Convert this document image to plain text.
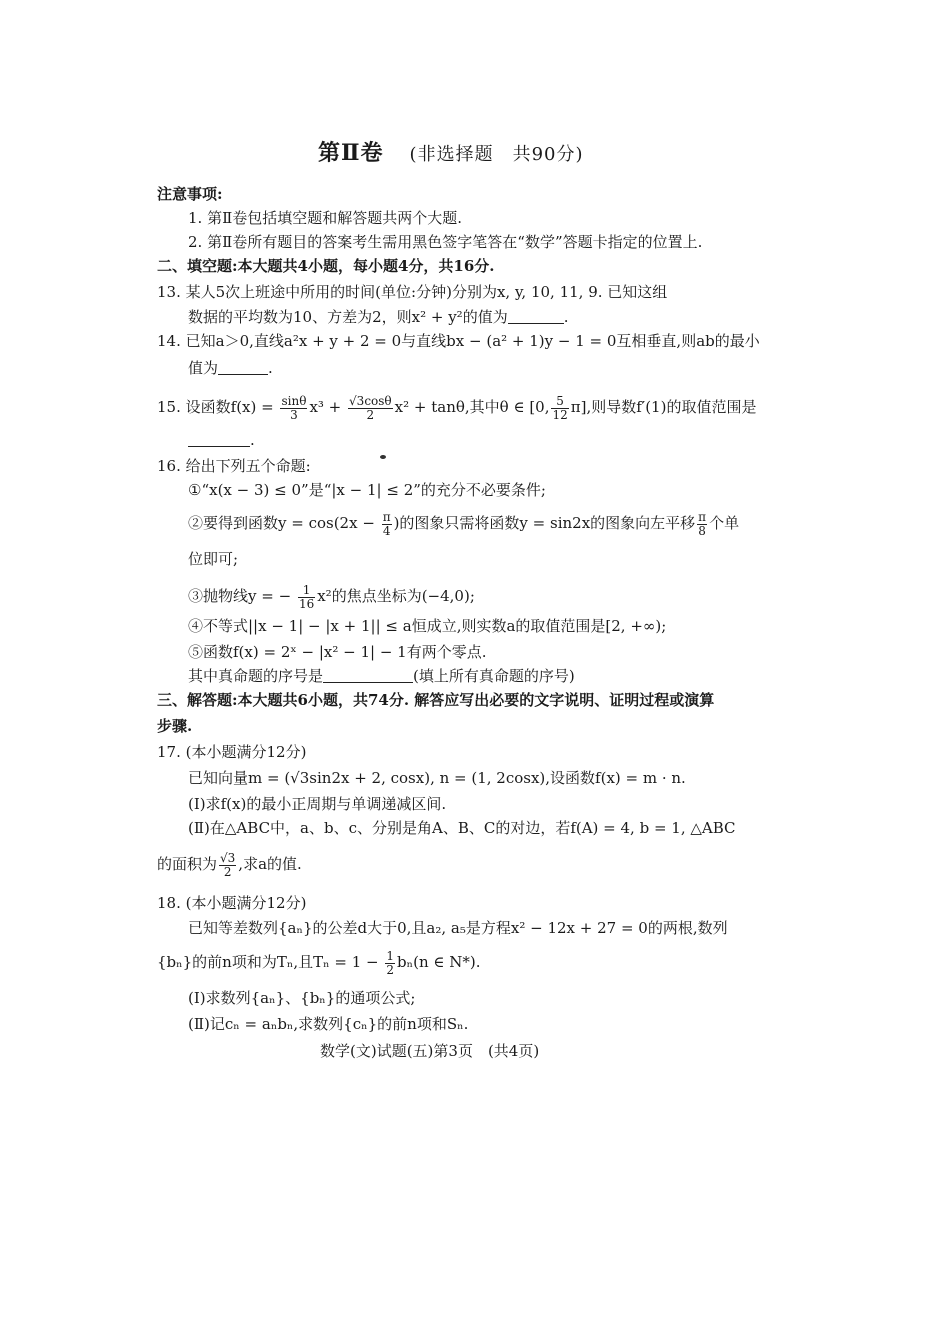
第Ⅱ卷 (非选择题　共90分)
注意事项:
1. 第Ⅱ卷包括填空题和解答题共两个大题.
2. 第Ⅱ卷所有题目的答案考生需用黑色签字笔答在“数学”答题卡指定的位置上.
二、填空题:本大题共4小题，每小题4分，共16分.
13. 某人5次上班途中所用的时间(单位:分钟)分别为x, y, 10, 11, 9. 已知这组
数据的平均数为10、方差为2，则x² + y²的值为	.
14. 已知a＞0,直线a²x + y + 2 = 0与直线bx − (a² + 1)y − 1 = 0互相垂直,则ab的最小
值为	.
15. 设函数$f(x) = \frac{\sin\theta}{3} x^3 + \frac{√3\cos\theta}{2} x^2 + \tan\theta$,其中θ ∈ [0, $\frac{5}{12} \pi$],则导数f′(1)的取值范围是
.
16. 给出下列五个命题:
①“x(x − 3) ≤ 0”是“|x − 1| ≤ 2”的充分不必要条件;
②要得到函数$y = \cos(2x - \frac{\pi}{4}$ )的图象只需将函数y = sin2x的图象向左平移 $\frac{\pi}{8}$ 个单
位即可;
③抛物线y = − $\frac{1}{16} x^2$的焦点坐标为(−4,0);
④不等式||x − 1| − |x + 1|| ≤ a恒成立,则实数a的取值范围是[2, +∞);
⑤函数f(x) = 2ˣ − |x² − 1| − 1有两个零点.
其中真命题的序号是	(填上所有真命题的序号)
三、解答题:本大题共6小题，共74分. 解答应写出必要的文字说明、证明过程或演算
步骤.
17. (本小题满分12分)
已知向量m = (√3sin2x + 2, cosx), n = (1, 2cosx),设函数f(x) = m · n.
(Ⅰ)求f(x)的最小正周期与单调递减区间.
(Ⅱ)在△ABC中，a、b、c、分别是角A、B、C的对边，若f(A) = 4, b = 1, △ABC
的面积为 $\frac{√3}{2}$ ,求a的值.
18. (本小题满分12分)
已知等差数列{aₙ}的公差d大于0,且a₂, a₅是方程x² − 12x + 27 = 0的两根,数列
{bₙ}的前n项和为Tₙ,且$T_n = 1 - \frac{1}{2} b_n(n$ ∈ N*).
(Ⅰ)求数列{aₙ}、{bₙ}的通项公式;
(Ⅱ)记cₙ = aₙbₙ,求数列{cₙ}的前n项和Sₙ.
数学(文)试题(五)第3页　(共4页)
